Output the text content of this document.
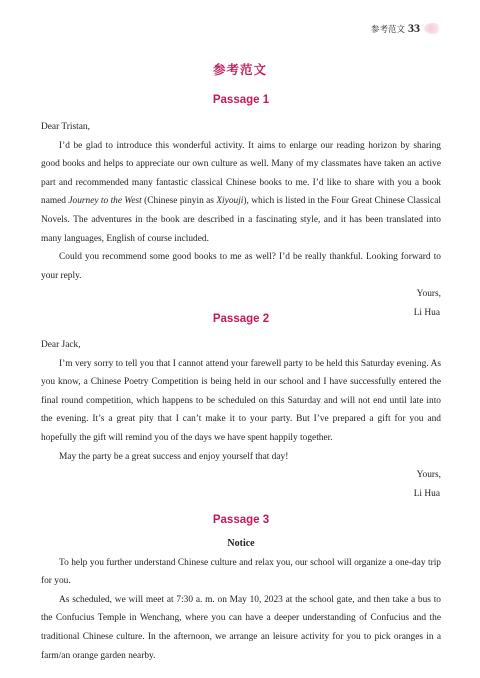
参考范文 33
参考范文
Passage 1

Dear Tristan,

I’d be glad to introduce this wonderful activity. It aims to enlarge our reading horizon by sharing good books and helps to appreciate our own culture as well. Many of my classmates have taken an active part and recommended many fantastic classical Chinese books to me. I’d like to share with you a book named Journey to the West (Chinese pinyin as Xiyouji), which is listed in the Four Great Chinese Classical Novels. The adventures in the book are described in a fascinating style, and it has been translated into many languages, English of course included.

Could you recommend some good books to me as well? I’d be really thankful. Looking forward to your reply.

Yours,

Li Hua

Passage 2

Dear Jack,

I’m very sorry to tell you that I cannot attend your farewell party to be held this Saturday evening. As you know, a Chinese Poetry Competition is being held in our school and I have successfully entered the final round competition, which happens to be scheduled on this Saturday and will not end until late into the evening. It’s a great pity that I can’t make it to your party. But I’ve prepared a gift for you and hopefully the gift will remind you of the days we have spent happily together.

May the party be a great success and enjoy yourself that day!

Yours,

Li Hua

Passage 3
Notice

To help you further understand Chinese culture and relax you, our school will organize a one-day trip for you.

As scheduled, we will meet at 7:30 a. m. on May 10, 2023 at the school gate, and then take a bus to the Confucius Temple in Wenchang, where you can have a deeper understanding of Confucius and the traditional Chinese culture. In the afternoon, we arrange an leisure activity for you to pick oranges in a farm/an orange garden nearby.
